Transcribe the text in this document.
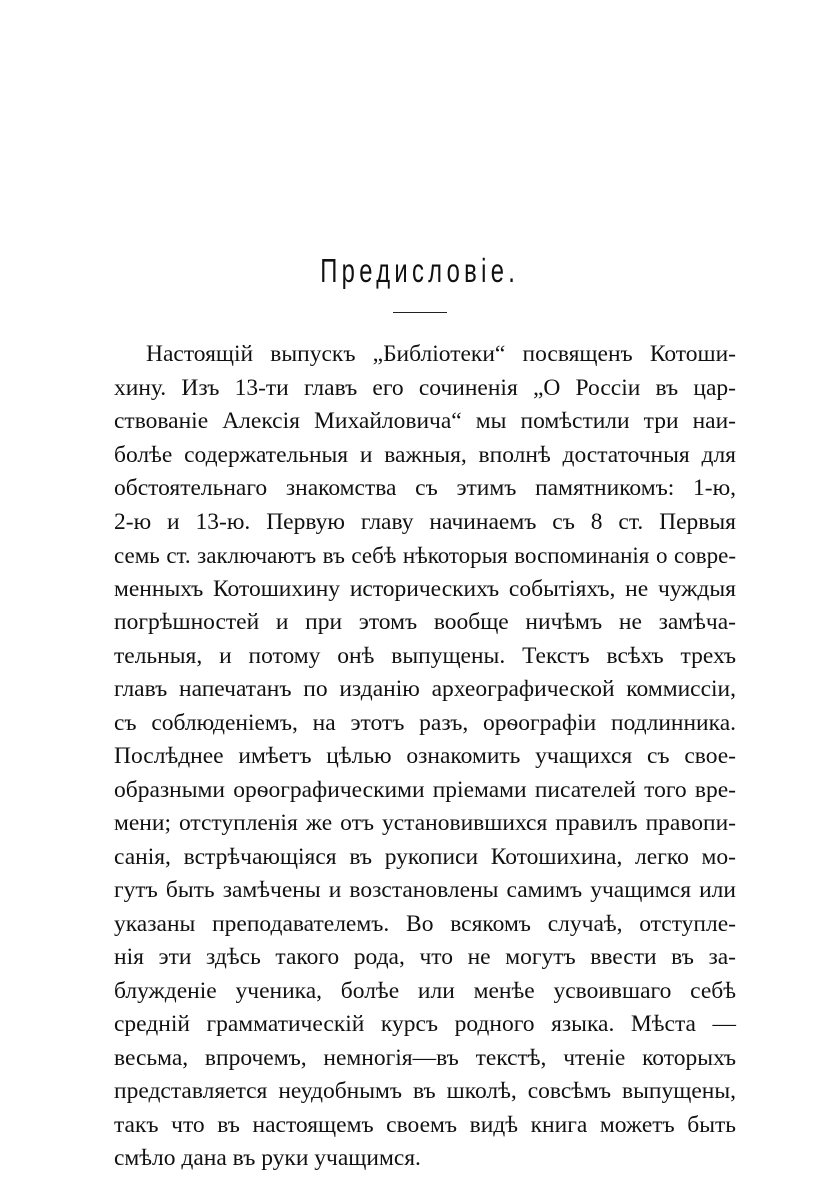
Предисловіе.
Настоящій выпускъ „Библіотеки“ посвященъ Котоши-
хину. Изъ 13-ти главъ его сочиненія „О Россіи въ цар-
ствованіе Алексія Михайловича“ мы помѣстили три наи-
болѣе содержательныя и важныя, вполнѣ достаточныя для
обстоятельнаго знакомства съ этимъ памятникомъ: 1-ю,
2-ю и 13-ю. Первую главу начинаемъ съ 8 ст. Первыя
семь ст. заключаютъ въ себѣ нѣкоторыя воспоминанія о совре-
менныхъ Котошихину историческихъ событіяхъ, не чуждыя
погрѣшностей и при этомъ вообще ничѣмъ не замѣча-
тельныя, и потому онѣ выпущены. Текстъ всѣхъ трехъ
главъ напечатанъ по изданію археографической коммиссіи,
съ соблюденіемъ, на этотъ разъ, орѳографіи подлинника.
Послѣднее имѣетъ цѣлью ознакомить учащихся съ свое-
образными орѳографическими пріемами писателей того вре-
мени; отступленія же отъ установившихся правилъ правопи-
санія, встрѣчающіяся въ рукописи Котошихина, легко мо-
гутъ быть замѣчены и возстановлены самимъ учащимся или
указаны преподавателемъ. Во всякомъ случаѣ, отступле-
нія эти здѣсь такого рода, что не могутъ ввести въ за-
блужденіе ученика, болѣе или менѣе усвоившаго себѣ
средній грамматическій курсъ родного языка. Мѣста —
весьма, впрочемъ, немногія—въ текстѣ, чтеніе которыхъ
представляется неудобнымъ въ школѣ, совсѣмъ выпущены,
такъ что въ настоящемъ своемъ видѣ книга можетъ быть
смѣло дана въ руки учащимся.
